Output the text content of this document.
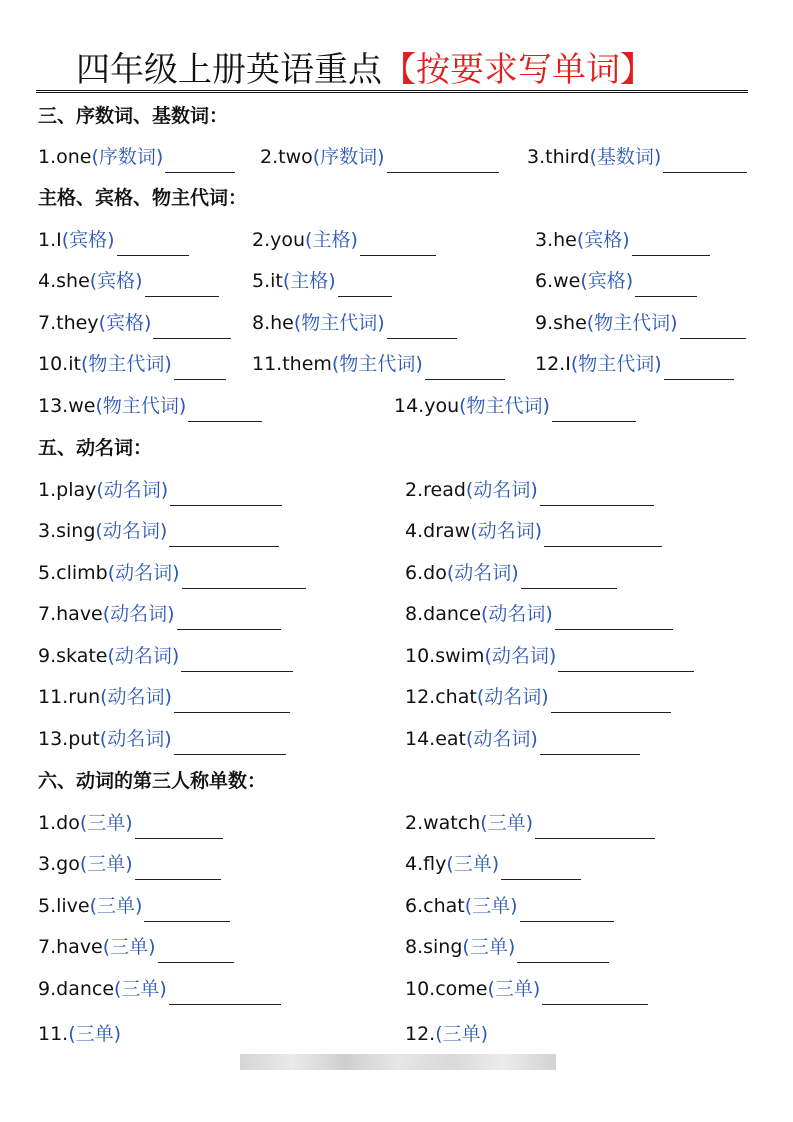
四年级上册英语重点【按要求写单词】
三、序数词、基数词：
1.one(序数词)	2.two(序数词)	3.third(基数词)
主格、宾格、物主代词：
1.I(宾格)	2.you(主格)	3.he(宾格)
4.she(宾格)	5.it(主格)	6.we(宾格)
7.they(宾格)	8.he(物主代词)	9.she(物主代词)
10.it(物主代词)	11.them(物主代词)	12.I(物主代词)
13.we(物主代词)	14.you(物主代词)
五、动名词：
1.play(动名词)	2.read(动名词)
3.sing(动名词)	4.draw(动名词)
5.climb(动名词)	6.do(动名词)
7.have(动名词)	8.dance(动名词)
9.skate(动名词)	10.swim(动名词)
11.run(动名词)	12.chat(动名词)
13.put(动名词)	14.eat(动名词)
六、动词的第三人称单数：
1.do(三单)	2.watch(三单)
3.go(三单)	4.fly(三单)
5.live(三单)	6.chat(三单)
7.have(三单)	8.sing(三单)
9.dance(三单)	10.come(三单)
11.(三单)	12.(三单)
